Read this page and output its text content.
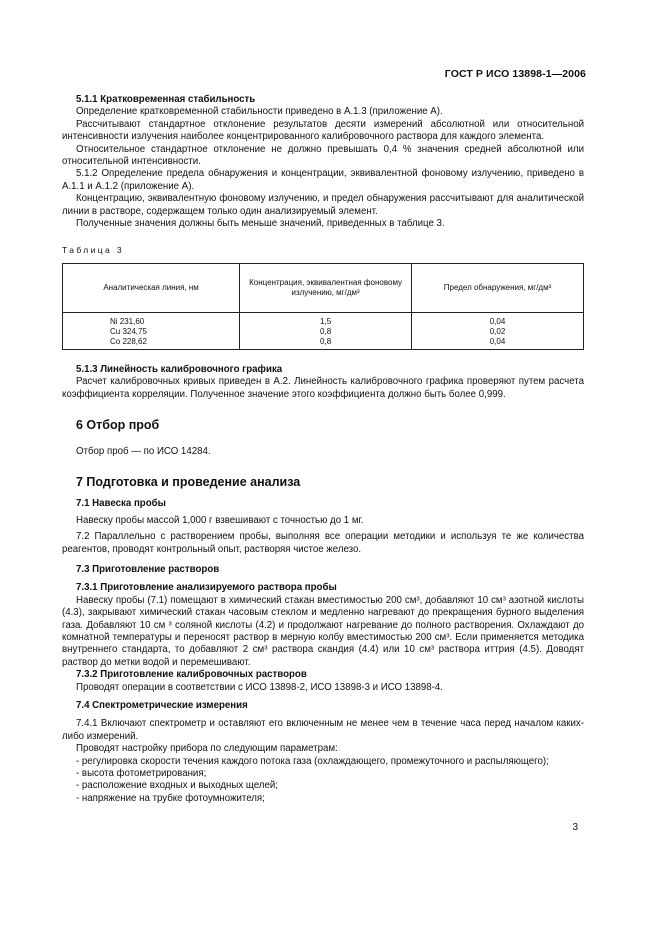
ГОСТ Р ИСО 13898-1—2006

5.1.1 Кратковременная стабильность

Определение кратковременной стабильности приведено в А.1.3 (приложение А).

Рассчитывают стандартное отклонение результатов десяти измерений абсолютной или относительной интенсивности излучения наиболее концентрированного калибровочного раствора для каждого элемента.

Относительное стандартное отклонение не должно превышать 0,4 % значения средней абсолютной или относительной интенсивности.

5.1.2 Определение предела обнаружения и концентрации, эквивалентной фоновому излучению, приведено в А.1.1 и А.1.2 (приложение А).

Концентрацию, эквивалентную фоновому излучению, и предел обнаружения рассчитывают для аналитической линии в растворе, содержащем только один анализируемый элемент.

Полученные значения должны быть меньше значений, приведенных в таблице 3.

Таблица 3

Аналитическая линия, нм	Концентрация, эквивалентная фоновому излучению, мг/дм³	Предел обнаружения, мг/дм³
Ni 231,60	1,5	0,04
Cu 324,75	0,8	0,02
Co 228,62	0,8	0,04

5.1.3 Линейность калибровочного графика

Расчет калибровочных кривых приведен в А.2. Линейность калибровочного графика проверяют путем расчета коэффициента корреляции. Полученное значение этого коэффициента должно быть более 0,999.

6 Отбор проб

Отбор проб — по ИСО 14284.

7 Подготовка и проведение анализа

7.1 Навеска пробы

Навеску пробы массой 1,000 г взвешивают с точностью до 1 мг.

7.2 Параллельно с растворением пробы, выполняя все операции методики и используя те же количества реагентов, проводят контрольный опыт, растворяя чистое железо.

7.3 Приготовление растворов

7.3.1 Приготовление анализируемого раствора пробы

Навеску пробы (7.1) помещают в химический стакан вместимостью 200 см³, добавляют 10 см³ азотной кислоты (4.3), закрывают химический стакан часовым стеклом и медленно нагревают до прекращения бурного выделения газа. Добавляют 10 см ³ соляной кислоты (4.2) и продолжают нагревание до полного растворения. Охлаждают до комнатной температуры и переносят раствор в мерную колбу вместимостью 200 см³. Если применяется методика внутреннего стандарта, то добавляют 2 см³ раствора скандия (4.4) или 10 см³ раствора иттрия (4.5). Доводят раствор до метки водой и перемешивают.

7.3.2 Приготовление калибровочных растворов

Проводят операции в соответствии с ИСО 13898-2, ИСО 13898-3 и ИСО 13898-4.

7.4 Спектрометрические измерения

7.4.1 Включают спектрометр и оставляют его включенным не менее чем в течение часа перед началом каких-либо измерений.

Проводят настройку прибора по следующим параметрам:

- регулировка скорости течения каждого потока газа (охлаждающего, промежуточного и распыляющего);

- высота фотометрирования;

- расположение входных и выходных щелей;

- напряжение на трубке фотоумножителя;

3
